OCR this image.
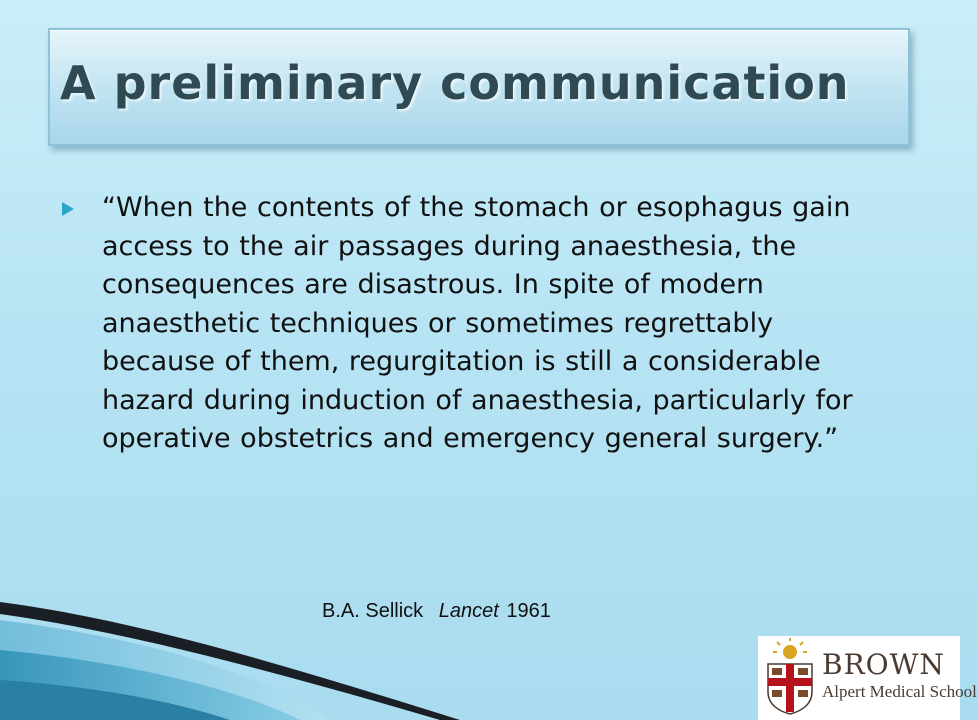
A preliminary communication
“When the contents of the stomach or esophagus gain access to the air passages during anaesthesia, the consequences are disastrous. In spite of modern anaesthetic techniques or sometimes regrettably because of them, regurgitation is still a considerable hazard during induction of anaesthesia, particularly for operative obstetrics and emergency general surgery.”
B.A. Sellick Lancet 1961
BROWN
Alpert Medical School
